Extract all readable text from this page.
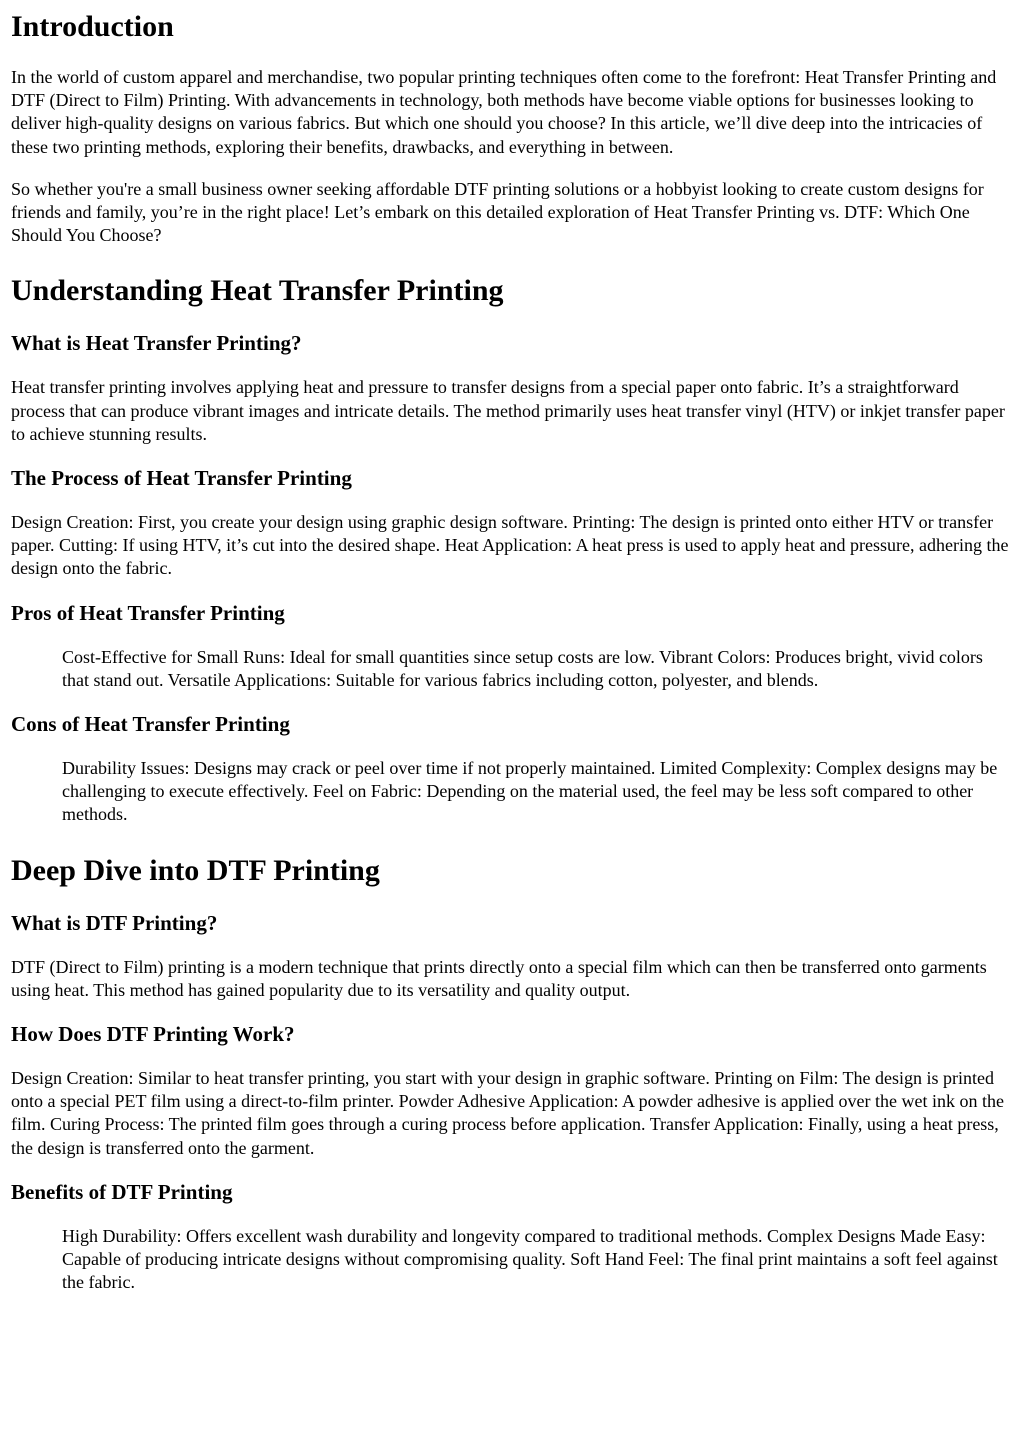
Introduction

In the world of custom apparel and merchandise, two popular printing techniques often come to the forefront: Heat Transfer Printing and DTF (Direct to Film) Printing. With advancements in technology, both methods have become viable options for businesses looking to deliver high-quality designs on various fabrics. But which one should you choose? In this article, we’ll dive deep into the intricacies of these two printing methods, exploring their benefits, drawbacks, and everything in between.

So whether you're a small business owner seeking affordable DTF printing solutions or a hobbyist looking to create custom designs for friends and family, you’re in the right place! Let’s embark on this detailed exploration of Heat Transfer Printing vs. DTF: Which One Should You Choose?

Understanding Heat Transfer Printing
What is Heat Transfer Printing?

Heat transfer printing involves applying heat and pressure to transfer designs from a special paper onto fabric. It’s a straightforward process that can produce vibrant images and intricate details. The method primarily uses heat transfer vinyl (HTV) or inkjet transfer paper to achieve stunning results.

The Process of Heat Transfer Printing

Design Creation: First, you create your design using graphic design software. Printing: The design is printed onto either HTV or transfer paper. Cutting: If using HTV, it’s cut into the desired shape. Heat Application: A heat press is used to apply heat and pressure, adhering the design onto the fabric.

Pros of Heat Transfer Printing
Cost-Effective for Small Runs: Ideal for small quantities since setup costs are low. Vibrant Colors: Produces bright, vivid colors that stand out. Versatile Applications: Suitable for various fabrics including cotton, polyester, and blends.
Cons of Heat Transfer Printing
Durability Issues: Designs may crack or peel over time if not properly maintained. Limited Complexity: Complex designs may be challenging to execute effectively. Feel on Fabric: Depending on the material used, the feel may be less soft compared to other methods.
Deep Dive into DTF Printing
What is DTF Printing?

DTF (Direct to Film) printing is a modern technique that prints directly onto a special film which can then be transferred onto garments using heat. This method has gained popularity due to its versatility and quality output.

How Does DTF Printing Work?

Design Creation: Similar to heat transfer printing, you start with your design in graphic software. Printing on Film: The design is printed onto a special PET film using a direct-to-film printer. Powder Adhesive Application: A powder adhesive is applied over the wet ink on the film. Curing Process: The printed film goes through a curing process before application. Transfer Application: Finally, using a heat press, the design is transferred onto the garment.

Benefits of DTF Printing
High Durability: Offers excellent wash durability and longevity compared to traditional methods. Complex Designs Made Easy: Capable of producing intricate designs without compromising quality. Soft Hand Feel: The final print maintains a soft feel against the fabric.
